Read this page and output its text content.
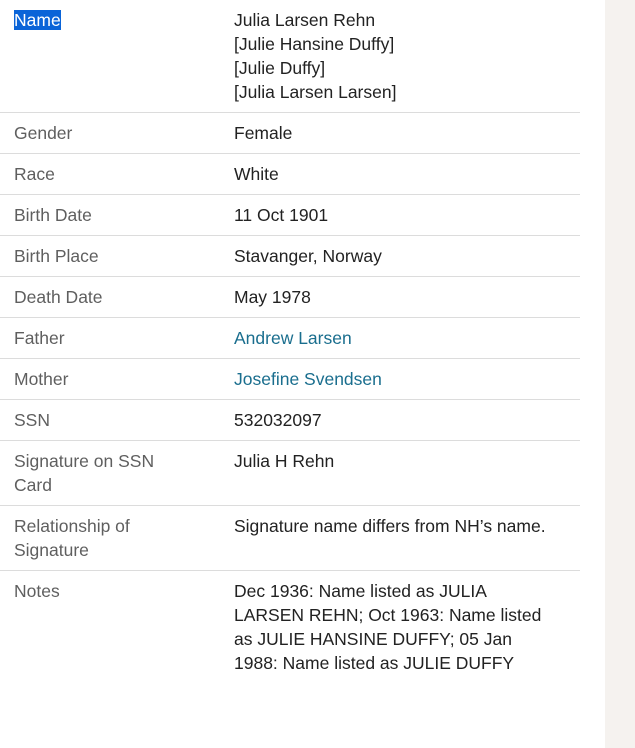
Name	Julia Larsen Rehn
[Julie Hansine Duffy]
[Julie Duffy]
[Julia Larsen Larsen]

Gender	Female
Race	White
Birth Date	11 Oct 1901
Birth Place	Stavanger, Norway
Death Date	May 1978
Father	Andrew Larsen
Mother	Josefine Svendsen
SSN	532032097

Signature on SSN Card	Julia H Rehn

Relationship of Signature	Signature name differs from NH’s name.
Notes	Dec 1936: Name listed as JULIA LARSEN REHN; Oct 1963: Name listed as JULIE HANSINE DUFFY; 05 Jan 1988: Name listed as JULIE DUFFY
